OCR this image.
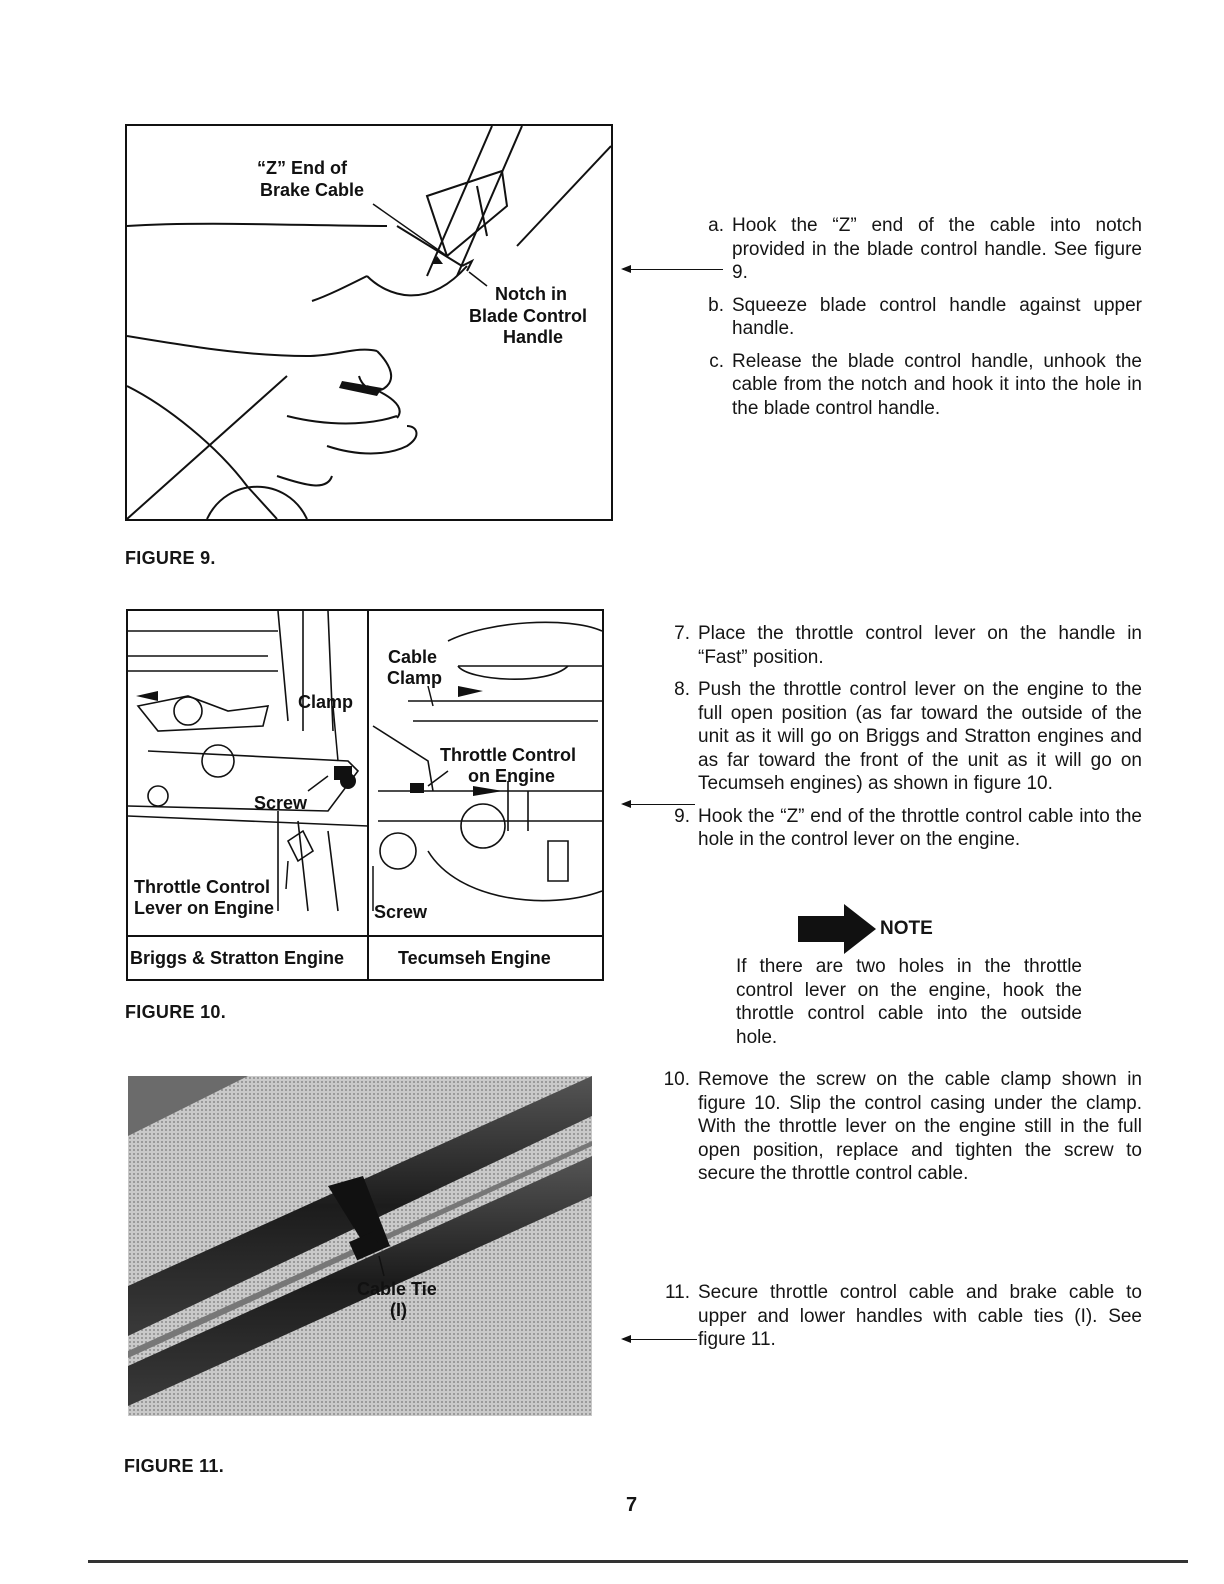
“Z” End of
Brake Cable
Notch in
Blade Control
Handle
FIGURE 9.
a. Hook the “Z” end of the cable into notch provided in the blade control handle. See figure 9.
b. Squeeze blade control handle against upper handle.
c. Release the blade control handle, unhook the cable from the notch and hook it into the hole in the blade control handle.
Cable
Clamp
Clamp
Throttle Control
on Engine
Screw
Throttle Control
Lever on Engine	Screw
Briggs & Stratton Engine	Tecumseh Engine
FIGURE 10.
7. Place the throttle control lever on the handle in “Fast” position.
8. Push the throttle control lever on the engine to the full open position (as far toward the outside of the unit as it will go on Briggs and Stratton engines and as far toward the front of the unit as it will go on Tecumseh engines) as shown in figure 10.
9. Hook the “Z” end of the throttle control cable into the hole in the control lever on the engine.
NOTE
If there are two holes in the throttle control lever on the engine, hook the throttle control cable into the outside hole.
Cable Tie
(I)
FIGURE 11.
10. Remove the screw on the cable clamp shown in figure 10. Slip the control casing under the clamp. With the throttle lever on the engine still in the full open position, replace and tighten the screw to secure the throttle control cable.
11. Secure throttle control cable and brake cable to upper and lower handles with cable ties (I). See figure 11.
7
